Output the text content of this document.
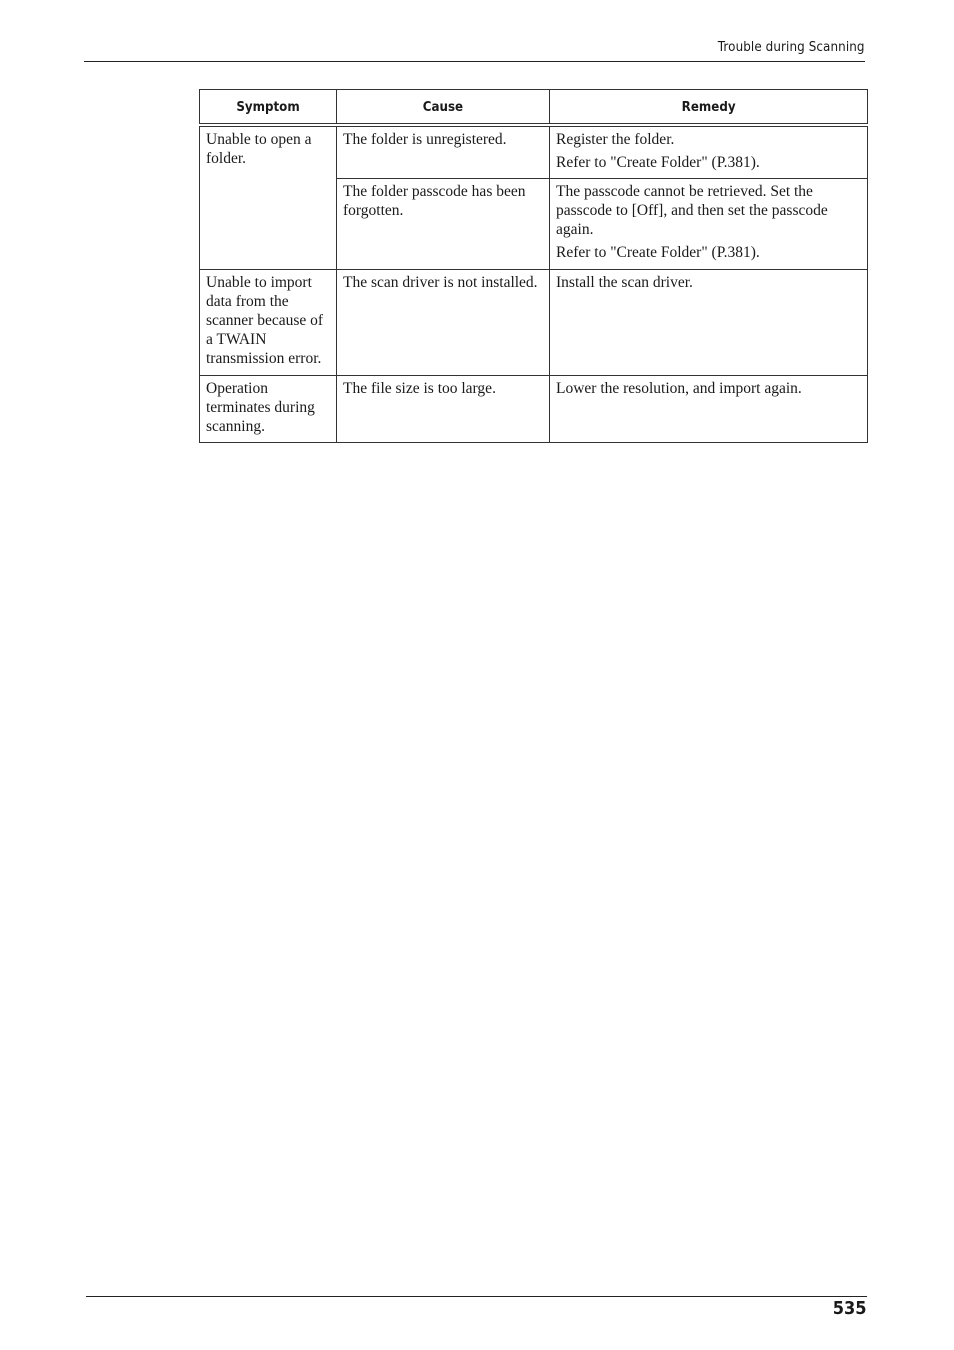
Trouble during Scanning
Symptom	Cause	Remedy
Unable to open a folder.	The folder is unregistered.	Register the folder.

Refer to "Create Folder" (P.381).

	The folder passcode has been forgotten.	The passcode cannot be retrieved. Set the passcode to [Off], and then set the passcode again.

Refer to "Create Folder" (P.381).

Unable to import data from the scanner because of a TWAIN transmission error.	The scan driver is not installed.	Install the scan driver.

Operation terminates during scanning.	The file size is too large.	Lower the resolution, and import again.

535
